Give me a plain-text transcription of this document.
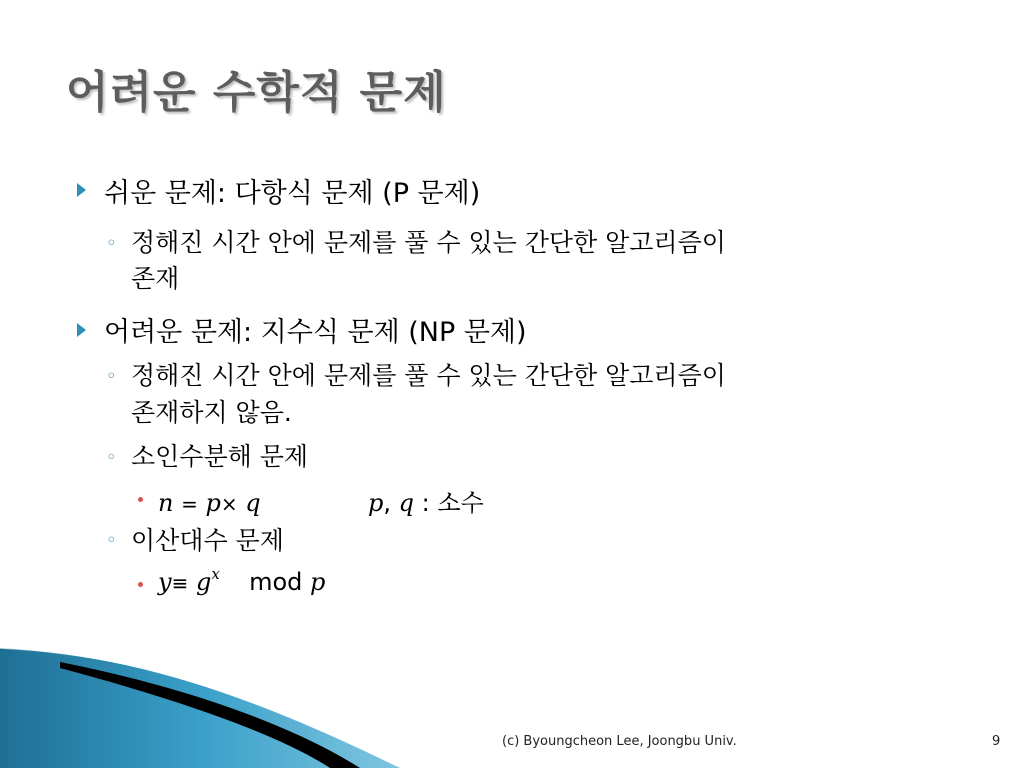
어려운 수학적 문제
쉬운 문제: 다항식 문제 (P 문제)
◦ 정해진 시간 안에 문제를 풀 수 있는 간단한 알고리즘이
존재
어려운 문제: 지수식 문제 (NP 문제)
◦ 정해진 시간 안에 문제를 풀 수 있는 간단한 알고리즘이
존재하지 않음.
◦ 소인수분해 문제
n = p× q	p, q : 소수
◦ 이산대수 문제
$y\equiv g^x$ mod p
(c) Byoungcheon Lee, Joongbu Univ.	9
